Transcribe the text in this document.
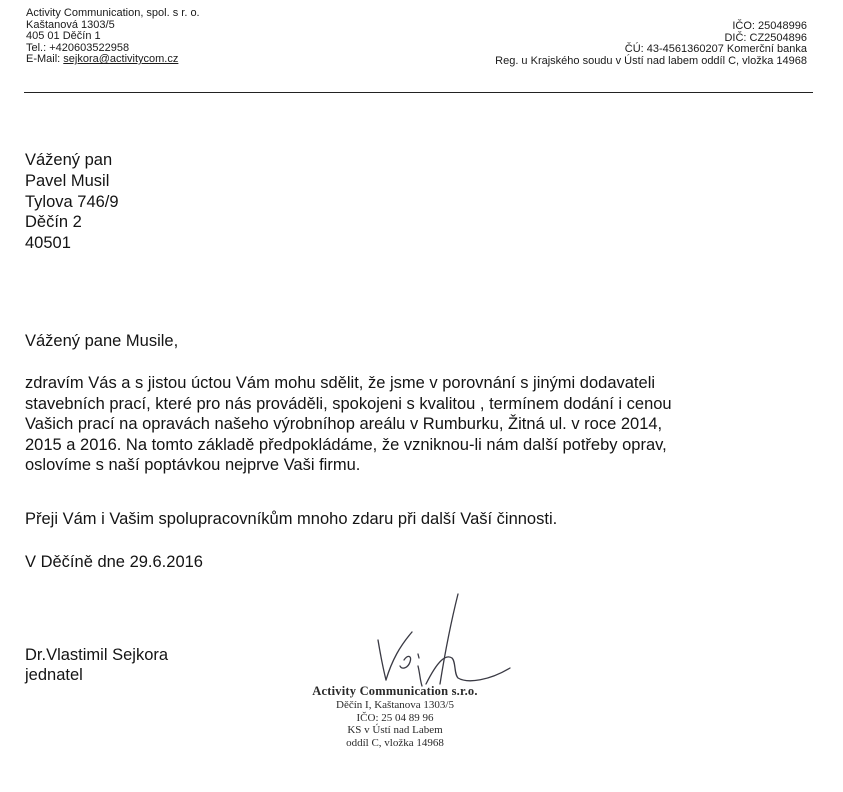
Activity Communication, spol. s r. o.
Kaštanová 1303/5
405 01 Děčín 1
Tel.: +420603522958
E-Mail: sejkora@activitycom.cz
IČO: 25048996
DIČ: CZ2504896
ČÚ: 43-4561360207 Komerční banka
Reg. u Krajského soudu v Ústí nad labem oddíl C, vložka 14968
Vážený pan
Pavel Musil
Tylova 746/9
Děčín 2
40501
Vážený pane Musile,
zdravím Vás a s jistou úctou Vám mohu sdělit, že jsme v porovnání s jinými dodavateli
stavebních prací, které pro nás prováděli, spokojeni s kvalitou , termínem dodání i cenou
Vašich prací na opravách našeho výrobníhop areálu v Rumburku, Žitná ul. v roce 2014,
2015 a 2016. Na tomto základě předpokládáme, že vzniknou-li nám další potřeby oprav,
oslovíme s naší poptávkou nejprve Vaši firmu.
Přeji Vám i Vašim spolupracovníkům mnoho zdaru při další Vaší činnosti.
V Děčíně dne 29.6.2016
Dr.Vlastimil Sejkora
jednatel
Activity Communication s.r.o.
Děčín I, Kaštanova 1303/5
IČO: 25 04 89 96
KS v Ústí nad Labem
oddíl C, vložka 14968
